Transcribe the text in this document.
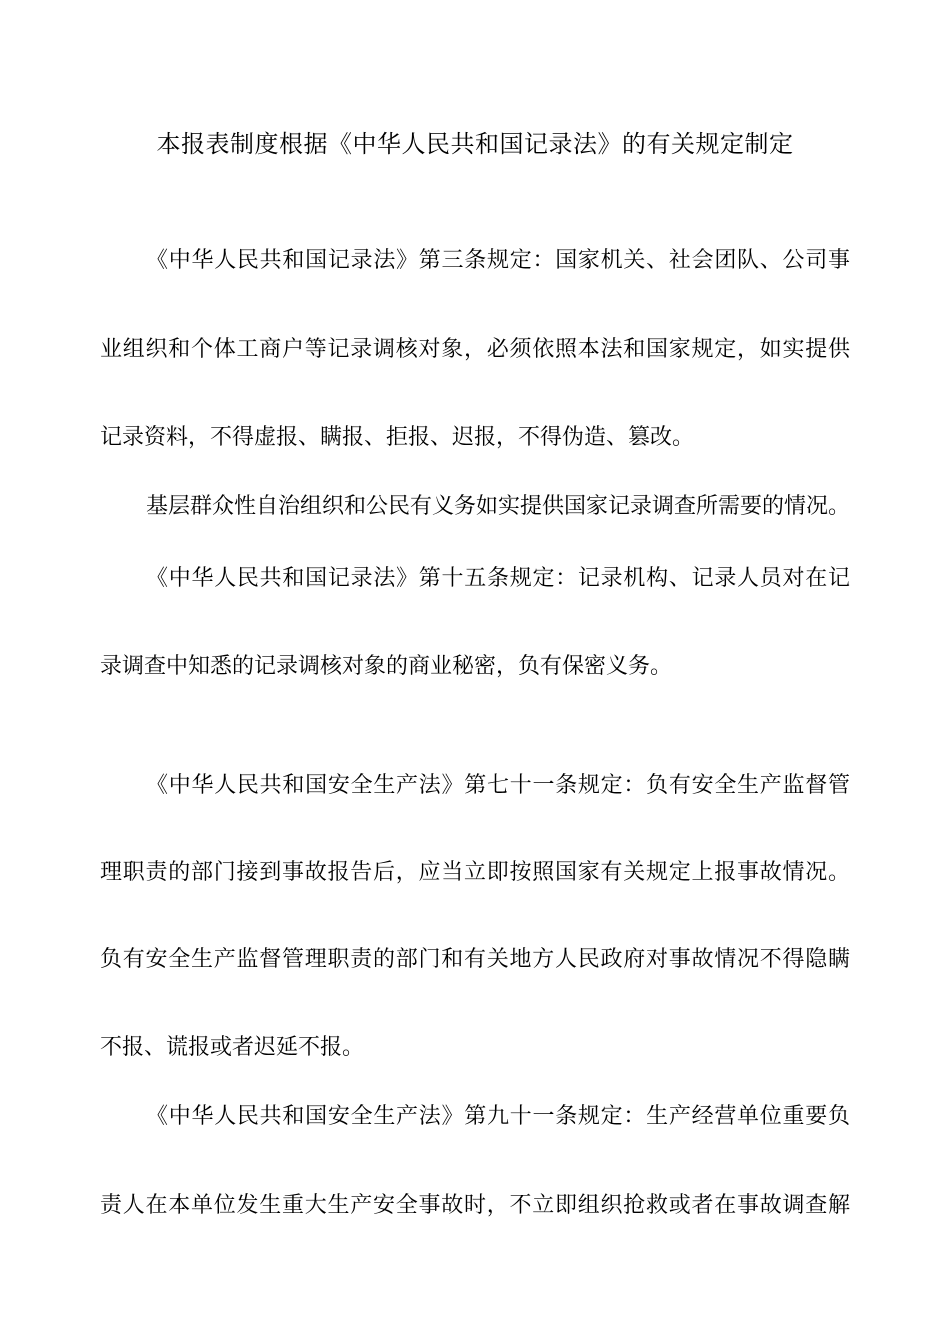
本报表制度根据《中华人民共和国记录法》的有关规定制定
《中华人民共和国记录法》第三条规定：国家机关、社会团队、公司事
业组织和个体工商户等记录调核对象，必须依照本法和国家规定，如实提供
记录资料，不得虚报、瞒报、拒报、迟报，不得伪造、篡改。
基层群众性自治组织和公民有义务如实提供国家记录调查所需要的情况。
《中华人民共和国记录法》第十五条规定：记录机构、记录人员对在记
录调查中知悉的记录调核对象的商业秘密，负有保密义务。
《中华人民共和国安全生产法》第七十一条规定：负有安全生产监督管
理职责的部门接到事故报告后，应当立即按照国家有关规定上报事故情况。
负有安全生产监督管理职责的部门和有关地方人民政府对事故情况不得隐瞒
不报、谎报或者迟延不报。
《中华人民共和国安全生产法》第九十一条规定：生产经营单位重要负
责人在本单位发生重大生产安全事故时，不立即组织抢救或者在事故调查解
